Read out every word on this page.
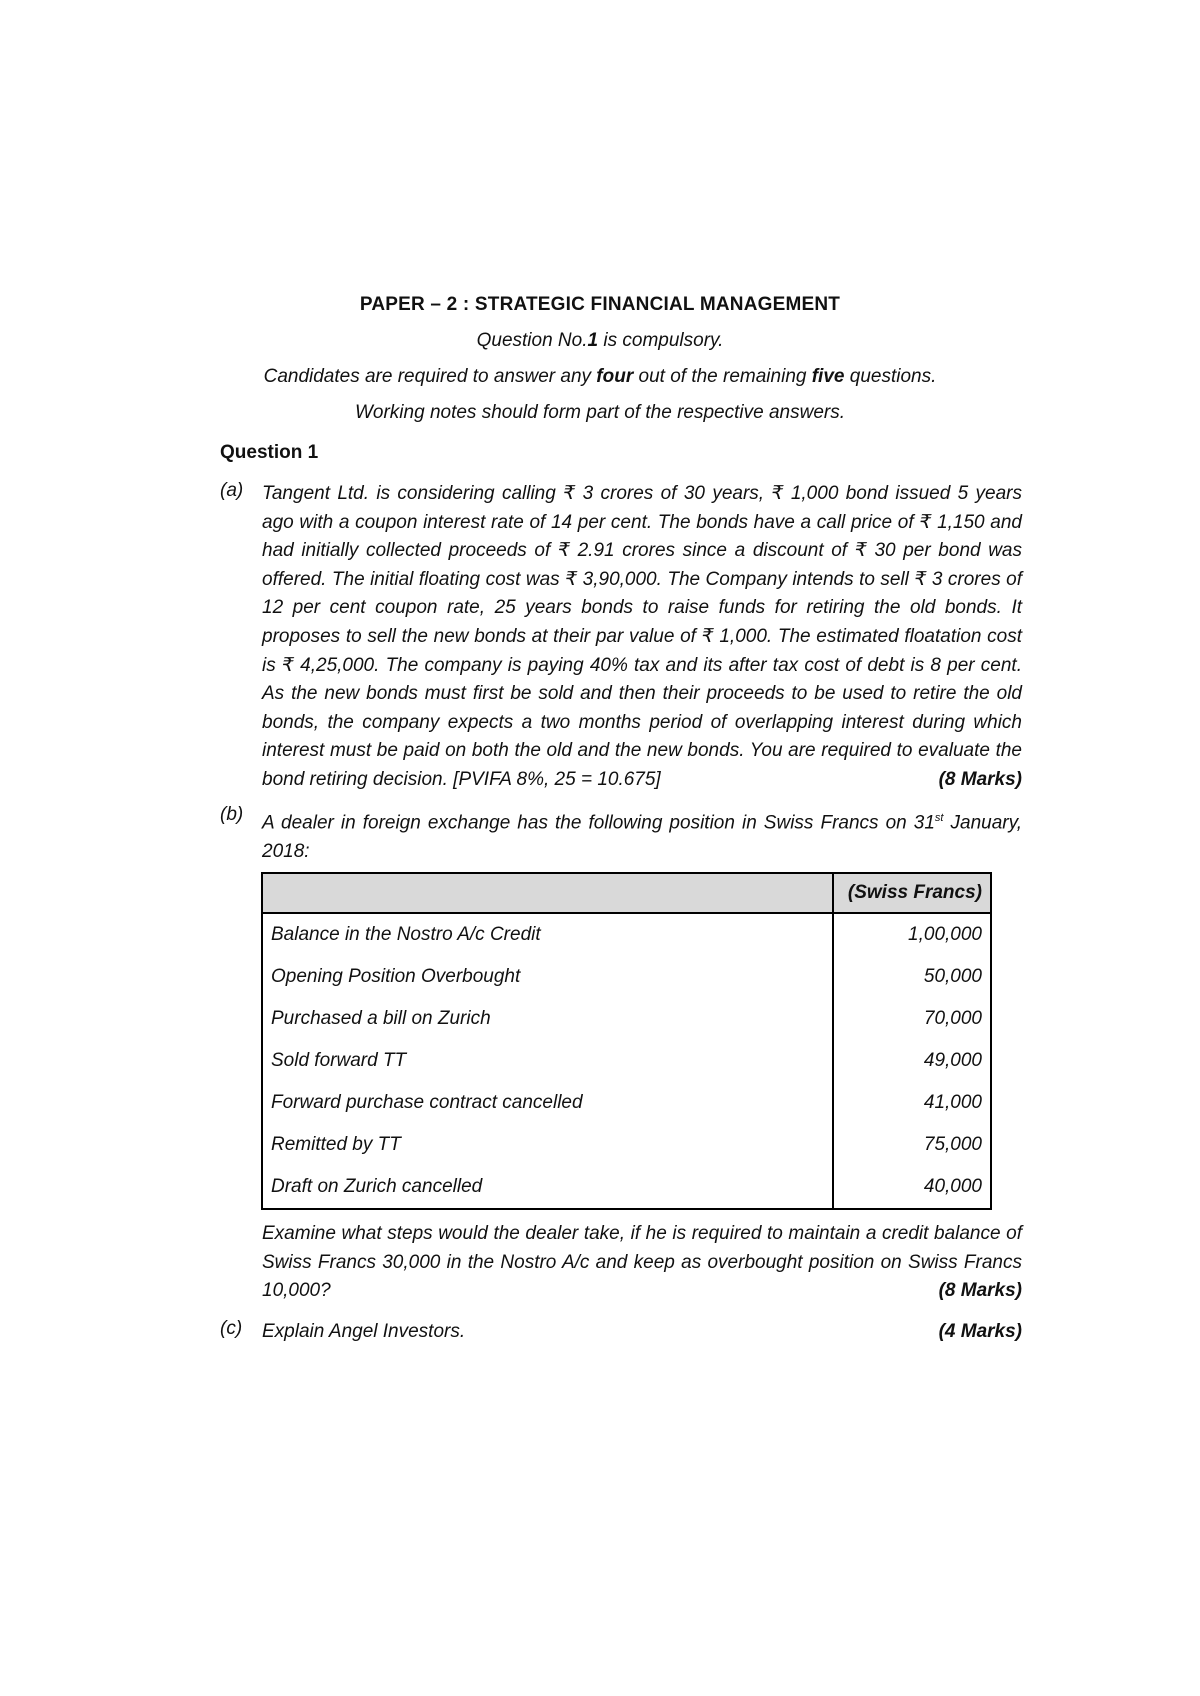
PAPER – 2 : STRATEGIC FINANCIAL MANAGEMENT
Question No.1 is compulsory.
Candidates are required to answer any four out of the remaining five questions.
Working notes should form part of the respective answers.
Question 1
(a) Tangent Ltd. is considering calling ₹ 3 crores of 30 years, ₹ 1,000 bond issued 5 years ago with a coupon interest rate of 14 per cent. The bonds have a call price of ₹ 1,150 and had initially collected proceeds of ₹ 2.91 crores since a discount of ₹ 30 per bond was offered. The initial floating cost was ₹ 3,90,000. The Company intends to sell ₹ 3 crores of 12 per cent coupon rate, 25 years bonds to raise funds for retiring the old bonds. It proposes to sell the new bonds at their par value of ₹ 1,000. The estimated floatation cost is ₹ 4,25,000. The company is paying 40% tax and its after tax cost of debt is 8 per cent. As the new bonds must first be sold and then their proceeds to be used to retire the old bonds, the company expects a two months period of overlapping interest during which interest must be paid on both the old and the new bonds. You are required to evaluate the bond retiring decision. [PVIFA 8%, 25 = 10.675]	(8 Marks)
(b) A dealer in foreign exchange has the following position in Swiss Francs on 31st January, 2018:
	(Swiss Francs)
Balance in the Nostro A/c Credit	1,00,000
Opening Position Overbought	50,000
Purchased a bill on Zurich	70,000
Sold forward TT	49,000
Forward purchase contract cancelled	41,000
Remitted by TT	75,000
Draft on Zurich cancelled	40,000
Examine what steps would the dealer take, if he is required to maintain a credit balance of Swiss Francs 30,000 in the Nostro A/c and keep as overbought position on Swiss Francs 10,000?	(8 Marks)
(c) Explain Angel Investors.	(4 Marks)
